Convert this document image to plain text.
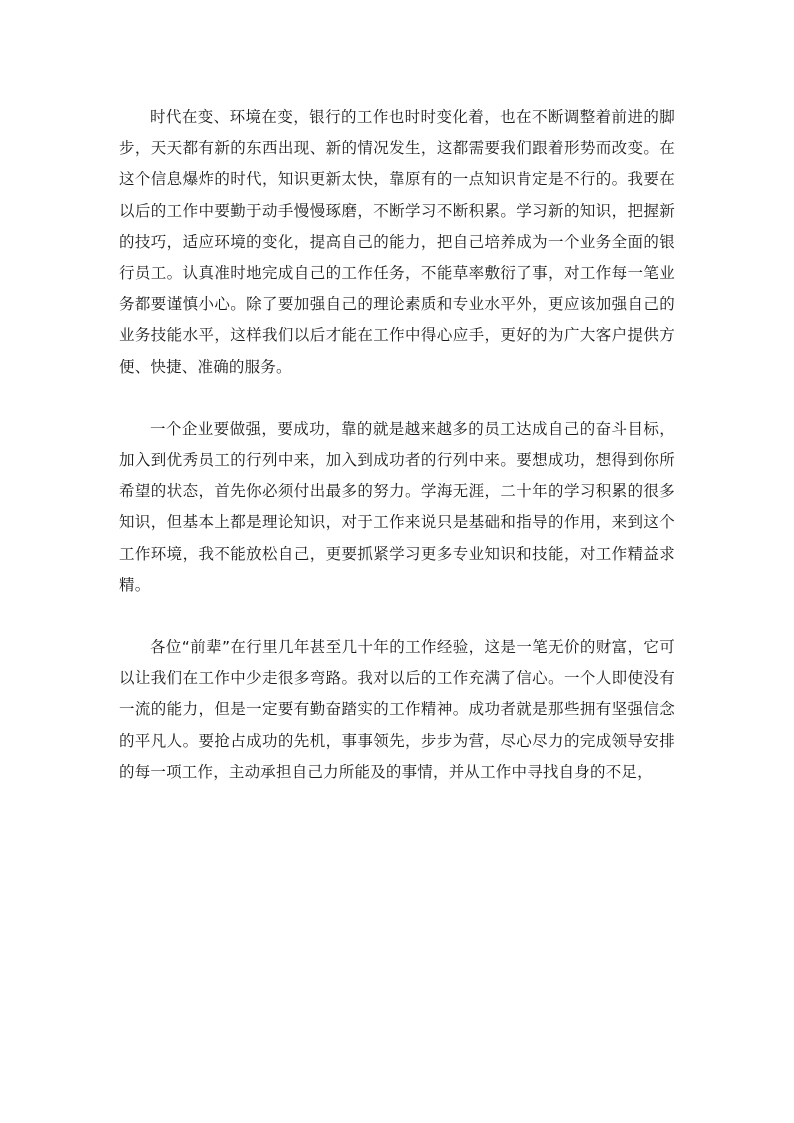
时代在变、环境在变，银行的工作也时时变化着，也在不断调整着前进的脚步，天天都有新的东西出现、新的情况发生，这都需要我们跟着形势而改变。在这个信息爆炸的时代，知识更新太快，靠原有的一点知识肯定是不行的。我要在以后的工作中要勤于动手慢慢琢磨，不断学习不断积累。学习新的知识，把握新的技巧，适应环境的变化，提高自己的能力，把自己培养成为一个业务全面的银行员工。认真准时地完成自己的工作任务，不能草率敷衍了事，对工作每一笔业务都要谨慎小心。除了要加强自己的理论素质和专业水平外，更应该加强自己的业务技能水平，这样我们以后才能在工作中得心应手，更好的为广大客户提供方便、快捷、准确的服务。

一个企业要做强，要成功，靠的就是越来越多的员工达成自己的奋斗目标，加入到优秀员工的行列中来，加入到成功者的行列中来。要想成功，想得到你所希望的状态，首先你必须付出最多的努力。学海无涯，二十年的学习积累的很多知识，但基本上都是理论知识，对于工作来说只是基础和指导的作用，来到这个工作环境，我不能放松自己，更要抓紧学习更多专业知识和技能，对工作精益求精。

各位“前辈”在行里几年甚至几十年的工作经验，这是一笔无价的财富，它可以让我们在工作中少走很多弯路。我对以后的工作充满了信心。一个人即使没有一流的能力，但是一定要有勤奋踏实的工作精神。成功者就是那些拥有坚强信念的平凡人。要抢占成功的先机，事事领先，步步为营，尽心尽力的完成领导安排的每一项工作，主动承担自己力所能及的事情，并从工作中寻找自身的不足，
